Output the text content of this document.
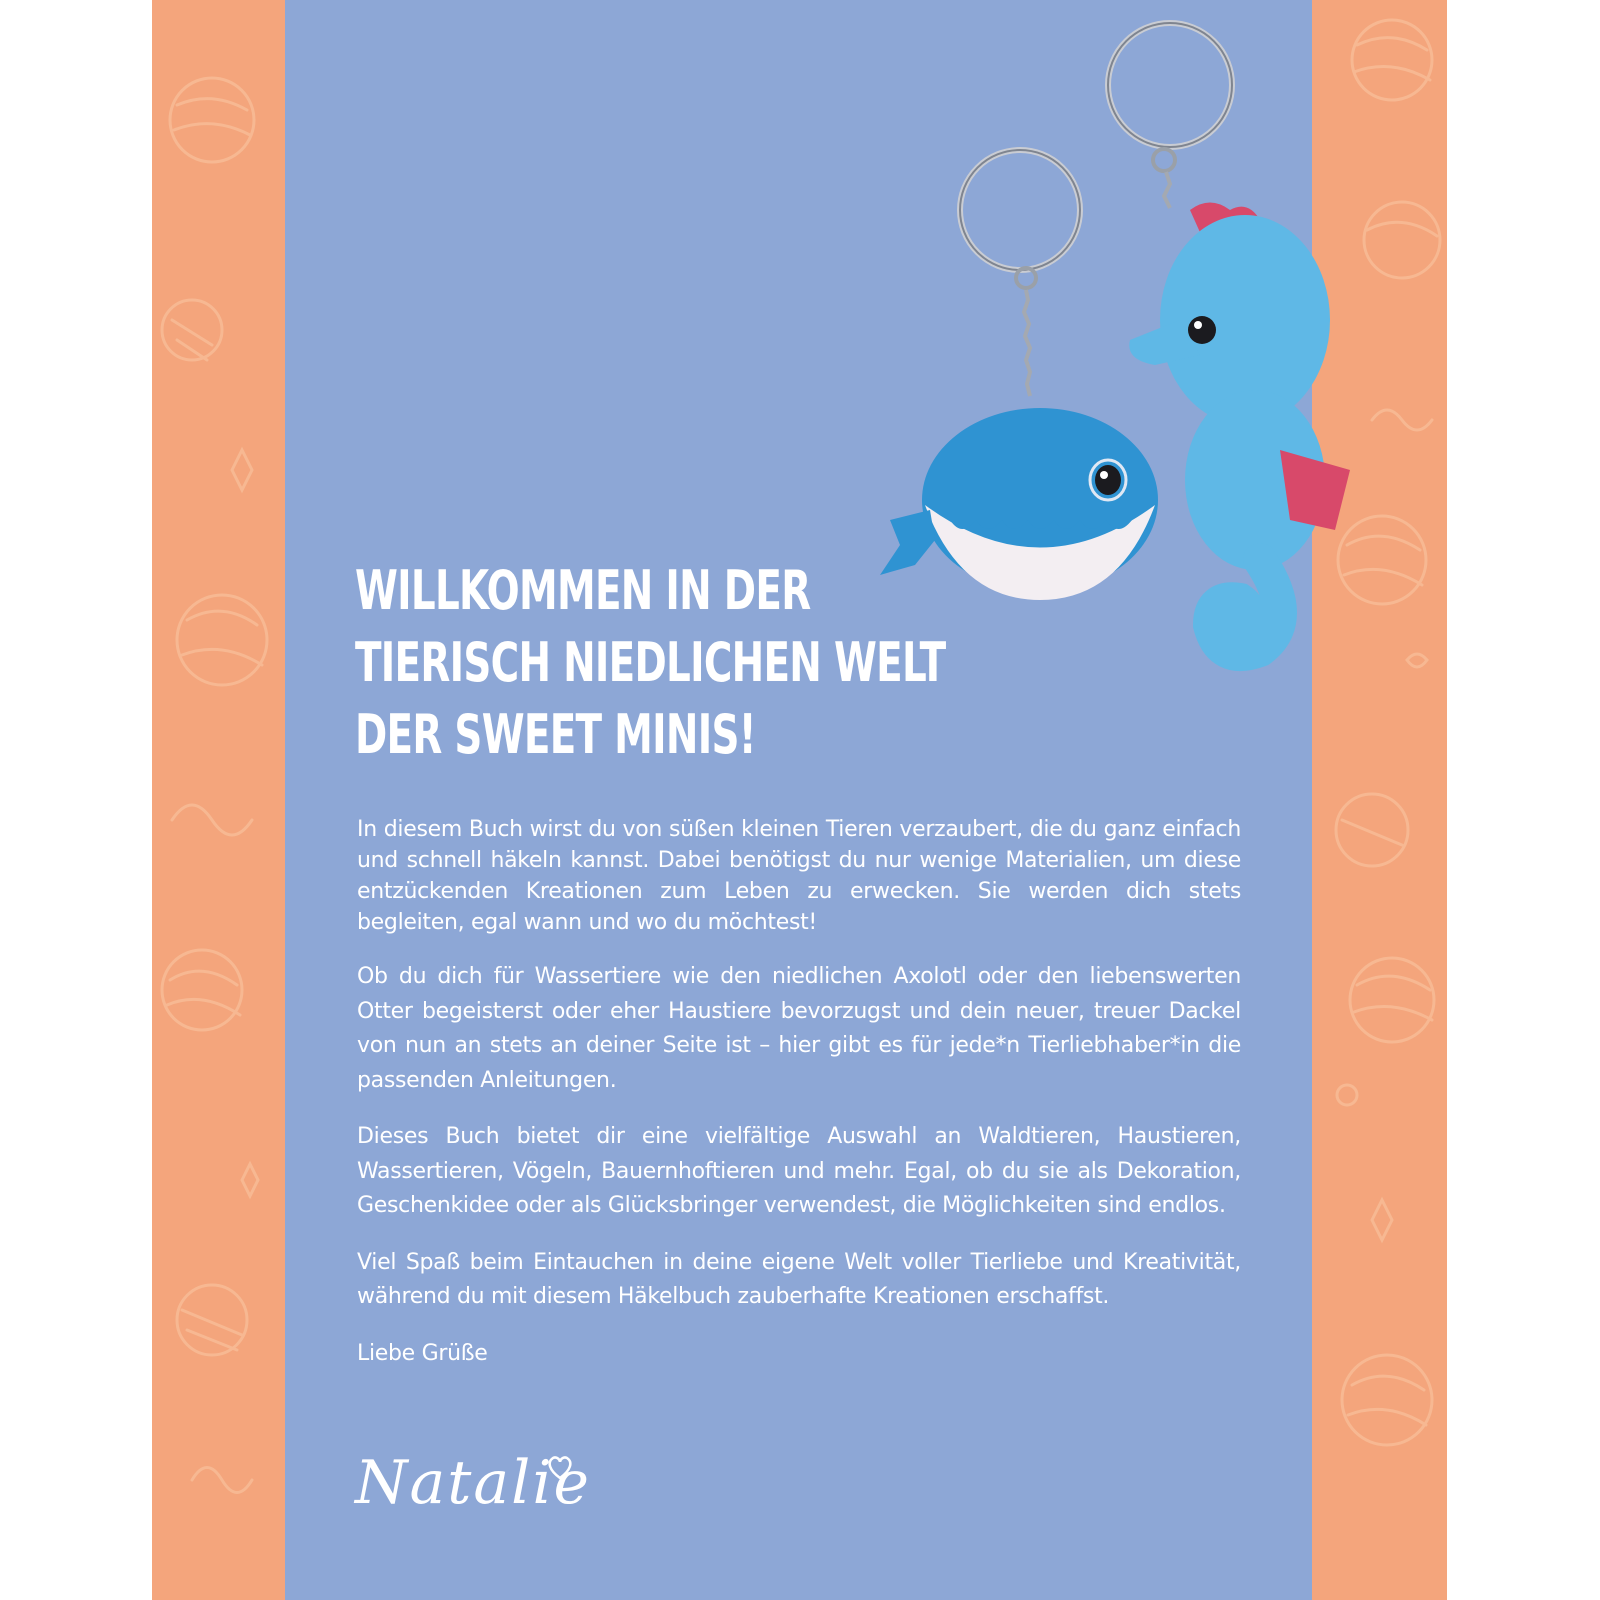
WILLKOMMEN IN DER
TIERISCH NIEDLICHEN WELT
DER SWEET MINIS!

In diesem Buch wirst du von süßen kleinen Tieren verzaubert, die du ganz einfach und schnell häkeln kannst. Dabei benötigst du nur wenige Materialien, um diese entzückenden Kreationen zum Leben zu erwecken. Sie werden dich stets begleiten, egal wann und wo du möchtest!

Ob du dich für Wassertiere wie den niedlichen Axolotl oder den liebenswerten Otter begeisterst oder eher Haustiere bevorzugst und dein neuer, treuer Dackel von nun an stets an deiner Seite ist – hier gibt es für jede*n Tierliebhaber*in die passenden Anleitungen.

Dieses Buch bietet dir eine vielfältige Auswahl an Waldtieren, Haustieren, Wassertieren, Vögeln, Bauernhoftieren und mehr. Egal, ob du sie als Dekoration, Geschenkidee oder als Glücksbringer verwendest, die Möglichkeiten sind endlos.

Viel Spaß beim Eintauchen in deine eigene Welt voller Tierliebe und Kreativität, während du mit diesem Häkelbuch zauberhafte Kreationen erschaffst.

Liebe Grüße

Natalie
